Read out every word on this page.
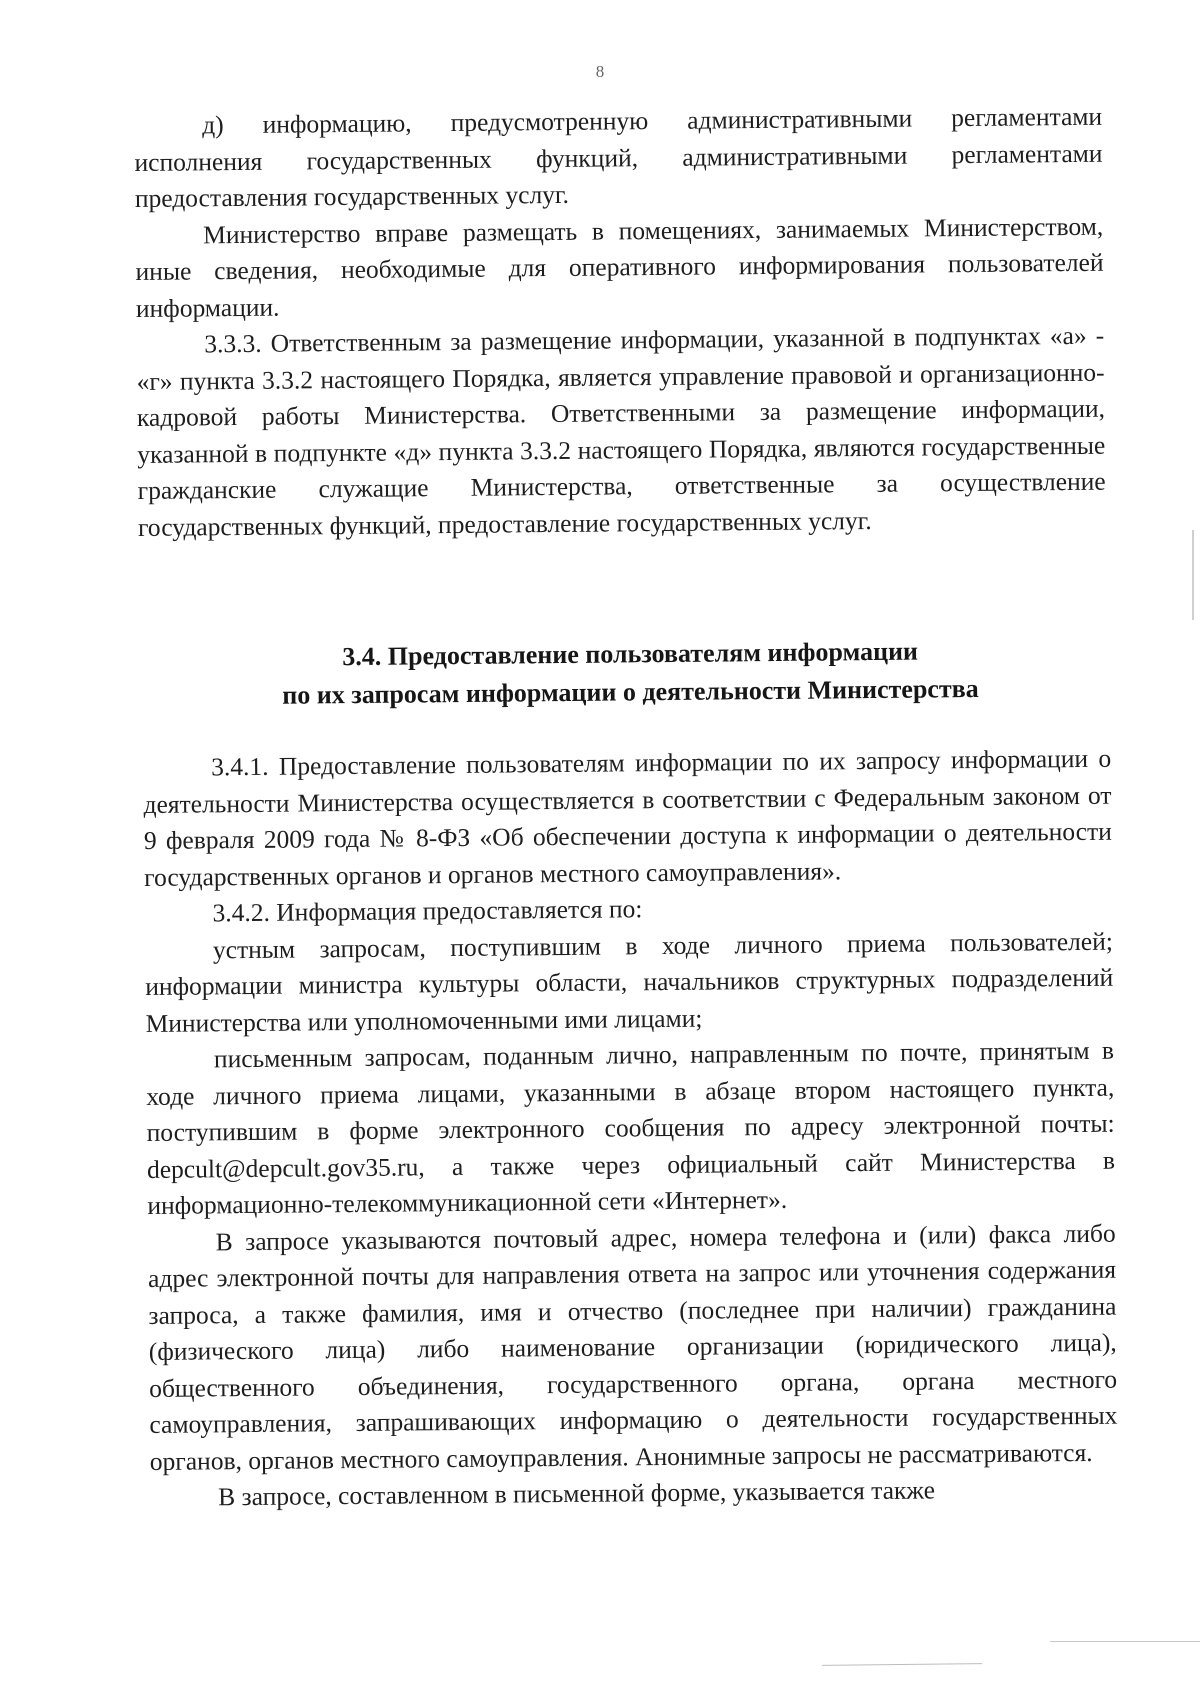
8

д) информацию, предусмотренную административными регламентами исполнения государственных функций, административными регламентами предоставления государственных услуг.

Министерство вправе размещать в помещениях, занимаемых Министерством, иные сведения, необходимые для оперативного информирования пользователей информации.

3.3.3. Ответственным за размещение информации, указанной в подпунктах «а» - «г» пункта 3.3.2 настоящего Порядка, является управление правовой и организационно-кадровой работы Министерства. Ответственными за размещение информации, указанной в подпункте «д» пункта 3.3.2 настоящего Порядка, являются государственные гражданские служащие Министерства, ответственные за осуществление государственных функций, предоставление государственных услуг.

3.4. Предоставление пользователям информации
по их запросам информации о деятельности Министерства

3.4.1. Предоставление пользователям информации по их запросу информации о деятельности Министерства осуществляется в соответствии с Федеральным законом от 9 февраля 2009 года № 8-ФЗ «Об обеспечении доступа к информации о деятельности государственных органов и органов местного самоуправления».

3.4.2. Информация предоставляется по:

устным запросам, поступившим в ходе личного приема пользователей; информации министра культуры области, начальников структурных подразделений Министерства или уполномоченными ими лицами;

письменным запросам, поданным лично, направленным по почте, принятым в ходе личного приема лицами, указанными в абзаце втором настоящего пункта, поступившим в форме электронного сообщения по адресу электронной почты: depcult@depcult.gov35.ru, а также через официальный сайт Министерства в информационно-телекоммуникационной сети «Интернет».

В запросе указываются почтовый адрес, номера телефона и (или) факса либо адрес электронной почты для направления ответа на запрос или уточнения содержания запроса, а также фамилия, имя и отчество (последнее при наличии) гражданина (физического лица) либо наименование организации (юридического лица), общественного объединения, государственного органа, органа местного самоуправления, запрашивающих информацию о деятельности государственных органов, органов местного самоуправления. Анонимные запросы не рассматриваются.

В запросе, составленном в письменной форме, указывается также
